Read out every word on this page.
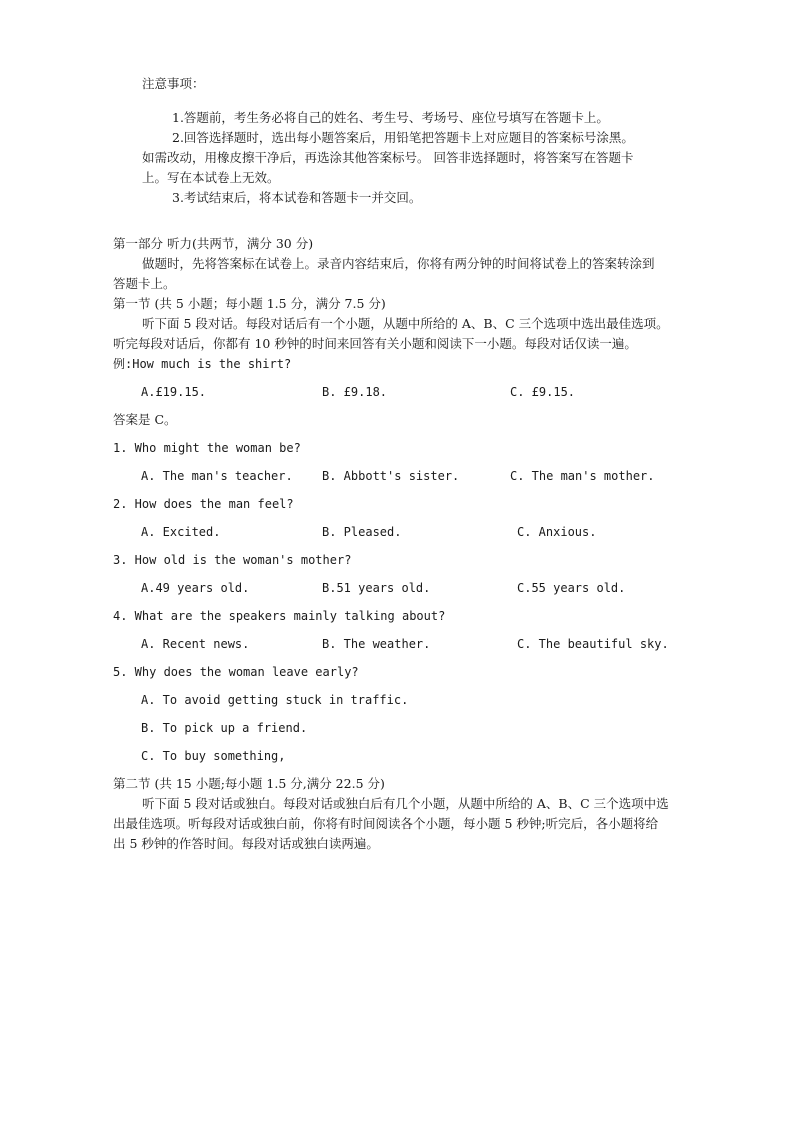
注意事项：
1.答题前，考生务必将自己的姓名、考生号、考场号、座位号填写在答题卡上。
2.回答选择题时，选出每小题答案后，用铅笔把答题卡上对应题目的答案标号涂黑。
如需改动，用橡皮擦干净后，再选涂其他答案标号。 回答非选择题时，将答案写在答题卡
上。写在本试卷上无效。
3.考试结束后，将本试卷和答题卡一并交回。
第一部分 听力(共两节，满分 30 分)
做题时，先将答案标在试卷上。录音内容结束后，你将有两分钟的时间将试卷上的答案转涂到
答题卡上。
第一节 (共 5 小题；每小题 1.5 分，满分 7.5 分)
听下面 5 段对话。每段对话后有一个小题，从题中所给的 A、B、C 三个选项中选出最佳选项。
听完每段对话后，你都有 10 秒钟的时间来回答有关小题和阅读下一小题。每段对话仅读一遍。
例:How much is the shirt?
A.£19.15.	B. £9.18.	C. £9.15.
答案是 C。
1. Who might the woman be?
A. The man's teacher. B. Abbott's sister.	C. The man's mother.
2. How does the man feel?
A. Excited.	B. Pleased.	C. Anxious.
3. How old is the woman's mother?
A.49 years old.	B.51 years old.	C.55 years old.
4. What are the speakers mainly talking about?
A. Recent news.	B. The weather.	C. The beautiful sky.
5. Why does the woman leave early?
A. To avoid getting stuck in traffic.
B. To pick up a friend.
C. To buy something,
第二节 (共 15 小题;每小题 1.5 分,满分 22.5 分)
听下面 5 段对话或独白。每段对话或独白后有几个小题，从题中所给的 A、B、C 三个选项中选
出最佳选项。听每段对话或独白前，你将有时间阅读各个小题，每小题 5 秒钟;听完后，各小题将给
出 5 秒钟的作答时间。每段对话或独白读两遍。
